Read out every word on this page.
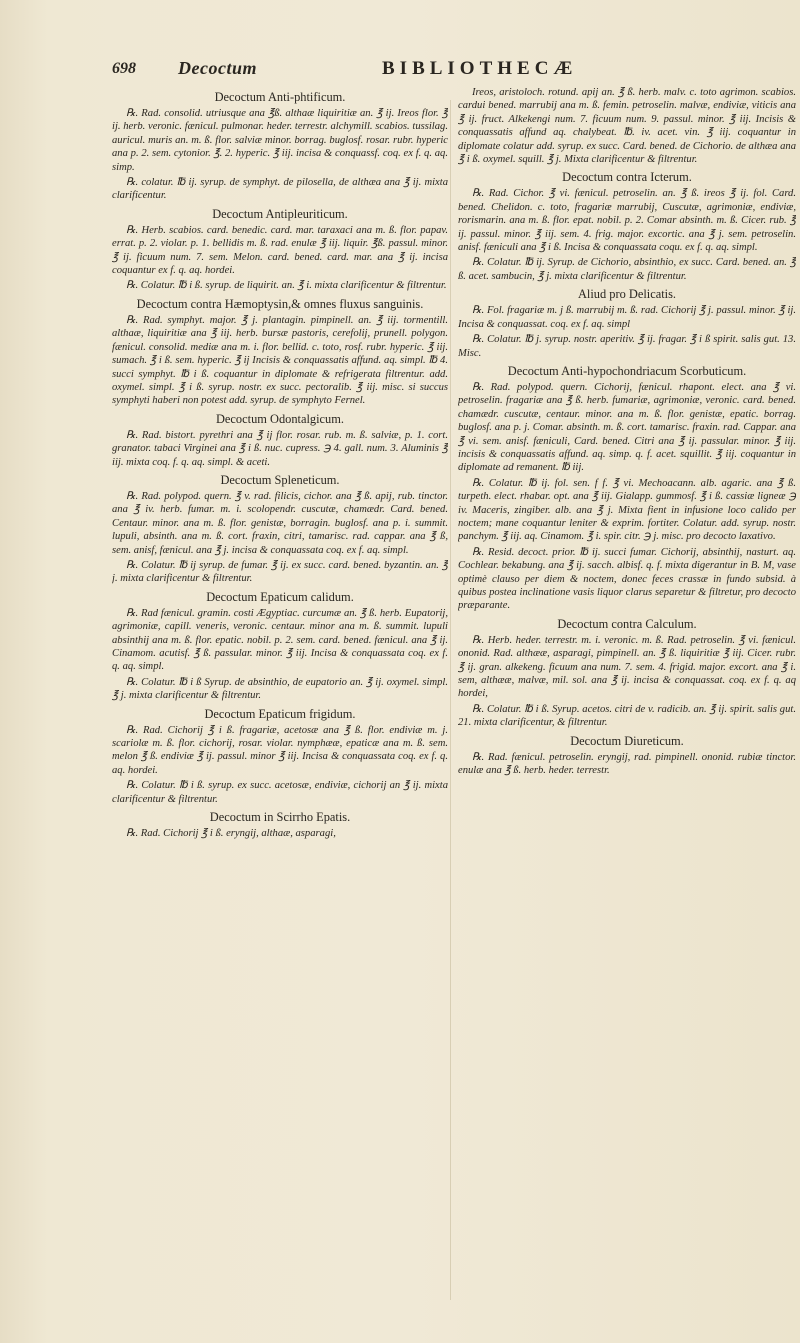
698 Decoctum	BIBLIOTHECÆ
Decoctum Anti-phtificum.

℞. Rad. consolid. utriusque ana ℥ß. althaæ liquiritiæ an. ℥ ij. Ireos flor. ℥ ij. herb. veronic. fænicul. pulmonar. heder. terrestr. alchymill. scabios. tussilag. auricul. muris an. m. ß. flor. salviæ minor. borrag. buglosf. rosar. rubr. hyperic ana p. 2. sem. cytonior. ℥. 2. hyperic. ℥ iij. incisa & conquassf. coq. ex f. q. aq. simp.

℞. colatur. ℔ ij. syrup. de symphyt. de pilosella, de althæa ana ℥ ij. mixta clarificentur.

Decoctum Antipleuriticum.

℞. Herb. scabios. card. benedic. card. mar. taraxaci ana m. ß. flor. papav. errat. p. 2. violar. p. 1. bellidis m. ß. rad. enulæ ℥ iij. liquir. ℥ß. passul. minor. ℥ ij. ficuum num. 7. sem. Melon. card. bened. card. mar. ana ℥ ij. incisa coquantur ex f. q. aq. hordei.

℞. Colatur. ℔ i ß. syrup. de liquirit. an. ℥ i. mixta clarificentur & filtrentur.

Decoctum contra Hæmoptysin,& omnes fluxus sanguinis.

℞. Rad. symphyt. major. ℥ j. plantagin. pimpinell. an. ℥ iij. tormentill. althaæ, liquiritiæ ana ℥ iij. herb. bursæ pastoris, cerefolij, prunell. polygon. fænicul. consolid. mediæ ana m. i. flor. bellid. c. toto, rosf. rubr. hyperic. ℥ iij. sumach. ℥ i ß. sem. hyperic. ℥ ij Incisis & conquassatis affund. aq. simpl. ℔ 4. succi symphyt. ℔ i ß. coquantur in diplomate & refrigerata filtrentur. add. oxymel. simpl. ℥ i ß. syrup. nostr. ex succ. pectoralib. ℥ iij. misc. si succus symphyti haberi non potest add. syrup. de symphyto Fernel.

Decoctum Odontalgicum.

℞. Rad. bistort. pyrethri ana ℥ ij flor. rosar. rub. m. ß. salviæ, p. 1. cort. granator. tabaci Virginei ana ℥ i ß. nuc. cupress. ℈ 4. gall. num. 3. Aluminis ℥ iij. mixta coq. f. q. aq. simpl. & aceti.

Decoctum Spleneticum.

℞. Rad. polypod. quern. ℥ v. rad. filicis, cichor. ana ℥ ß. apij, rub. tinctor. ana ℥ iv. herb. fumar. m. i. scolopendr. cuscutæ, chamædr. Card. bened. Centaur. minor. ana m. ß. flor. genistæ, borragin. buglosf. ana p. i. summit. lupuli, absinth. ana m. ß. cort. fraxin, citri, tamarisc. rad. cappar. ana ℥ ß, sem. anisf, fænicul. ana ℥ j. incisa & conquassata coq. ex f. aq. simpl.

℞. Colatur. ℔ ij syrup. de fumar. ℥ ij. ex succ. card. bened. byzantin. an. ℥ j. mixta clarificentur & filtrentur.

Decoctum Epaticum calidum.

℞. Rad fænicul. gramin. costi Ægyptiac. curcumæ an. ℥ ß. herb. Eupatorij, agrimoniæ, capill. veneris, veronic. centaur. minor ana m. ß. summit. lupuli absinthij ana m. ß. flor. epatic. nobil. p. 2. sem. card. bened. fænicul. ana ℥ ij. Cinamom. acutisf. ℥ ß. passular. minor. ℥ iij. Incisa & conquassata coq. ex f. q. aq. simpl.

℞. Colatur. ℔ i ß Syrup. de absinthio, de eupatorio an. ℥ ij. oxymel. simpl. ℥ j. mixta clarificentur & filtrentur.

Decoctum Epaticum frigidum.

℞. Rad. Cichorij ℥ i ß. fragariæ, acetosæ ana ℥ ß. flor. endiviæ m. j. scariolæ m. ß. flor. cichorij, rosar. violar. nymphææ, epaticæ ana m. ß. sem. melon ℥ ß. endiviæ ℥ ij. passul. minor ℥ iij. Incisa & conquassata coq. ex f. q. aq. hordei.

℞. Colatur. ℔ i ß. syrup. ex succ. acetosæ, endiviæ, cichorij an ℥ ij. mixta clarificentur & filtrentur.

Decoctum in Scirrho Epatis.

℞. Rad. Cichorij ℥ i ß. eryngij, althaæ, asparagi,

Ireos, aristoloch. rotund. apij an. ℥ ß. herb. malv. c. toto agrimon. scabios. cardui bened. marrubij ana m. ß. femin. petroselin. malvæ, endiviæ, viticis ana ℥ ij. fruct. Alkekengi num. 7. ficuum num. 9. passul. minor. ℥ iij. Incisis & conquassatis affund aq. chalybeat. ℔. iv. acet. vin. ℥ iij. coquantur in diplomate colatur add. syrup. ex succ. Card. bened. de Cichorio. de althæa ana ℥ i ß. oxymel. squill. ℥ j. Mixta clarificentur & filtrentur.

Decoctum contra Icterum.

℞. Rad. Cichor. ℥ vi. fænicul. petroselin. an. ℥ ß. ireos ℥ ij. fol. Card. bened. Chelidon. c. toto, fragariæ marrubij, Cuscutæ, agrimoniæ, endiviæ, rorismarin. ana m. ß. flor. epat. nobil. p. 2. Comar absinth. m. ß. Cicer. rub. ℥ ij. passul. minor. ℥ iij. sem. 4. frig. major. excortic. ana ℥ j. sem. petroselin. anisf. fæniculi ana ℥ i ß. Incisa & conquassata coqu. ex f. q. aq. simpl.

℞. Colatur. ℔ ij. Syrup. de Cichorio, absinthio, ex succ. Card. bened. an. ℥ ß. acet. sambucin, ℥ j. mixta clarificentur & filtrentur.

Aliud pro Delicatis.

℞. Fol. fragariæ m. j ß. marrubij m. ß. rad. Cichorij ℥ j. passul. minor. ℥ ij. Incisa & conquassat. coq. ex f. aq. simpl

℞. Colatur. ℔ j. syrup. nostr. aperitiv. ℥ ij. fragar. ℥ i ß spirit. salis gut. 13. Misc.

Decoctum Anti-hypochondriacum Scorbuticum.

℞. Rad. polypod. quern. Cichorij, fænicul. rhapont. elect. ana ℥ vi. petroselin. fragariæ ana ℥ ß. herb. fumariæ, agrimoniæ, veronic. card. bened. chamædr. cuscutæ, centaur. minor. ana m. ß. flor. genistæ, epatic. borrag. buglosf. ana p. j. Comar. absinth. m. ß. cort. tamarisc. fraxin. rad. Cappar. ana ℥ vi. sem. anisf. fæniculi, Card. bened. Citri ana ℥ ij. passular. minor. ℥ iij. incisis & conquassatis affund. aq. simp. q. f. acet. squillit. ℥ iij. coquantur in diplomate ad remanent. ℔ iij.

℞. Colatur. ℔ ij. fol. sen. f f. ℥ vi. Mechoacann. alb. agaric. ana ℥ ß. turpeth. elect. rhabar. opt. ana ℥ iij. Gialapp. gummosf. ℥ i ß. cassiæ ligneæ ℈ iv. Maceris, zingiber. alb. ana ℥ j. Mixta fient in infusione loco calido per noctem; mane coquantur leniter & exprim. fortiter. Colatur. add. syrup. nostr. panchym. ℥ iij. aq. Cinamom. ℥ i. spir. citr. ℈ j. misc. pro decocto laxativo.

℞. Resid. decoct. prior. ℔ ij. succi fumar. Cichorij, absinthij, nasturt. aq. Cochlear. bekabung. ana ℥ ij. sacch. albisf. q. f. mixta digerantur in B. M, vase optimè clauso per diem & noctem, donec feces crassæ in fundo subsid. à quibus postea inclinatione vasis liquor clarus separetur & filtretur, pro decocto præparante.

Decoctum contra Calculum.

℞. Herb. heder. terrestr. m. i. veronic. m. ß. Rad. petroselin. ℥ vi. fænicul. ononid. Rad. althææ, asparagi, pimpinell. an. ℥ ß. liquiritiæ ℥ iij. Cicer. rubr. ℥ ij. gran. alkekeng. ficuum ana num. 7. sem. 4. frigid. major. excort. ana ℥ i. sem, althææ, malvæ, mil. sol. ana ℥ ij. incisa & conquassat. coq. ex f. q. aq hordei,

℞. Colatur. ℔ i ß. Syrup. acetos. citri de v. radicib. an. ℥ ij. spirit. salis gut. 21. mixta clarificentur, & filtrentur.

Decoctum Diureticum.

℞. Rad. fænicul. petroselin. eryngij, rad. pimpinell. ononid. rubiæ tinctor. enulæ ana ℥ ß. herb. heder. terrestr.
